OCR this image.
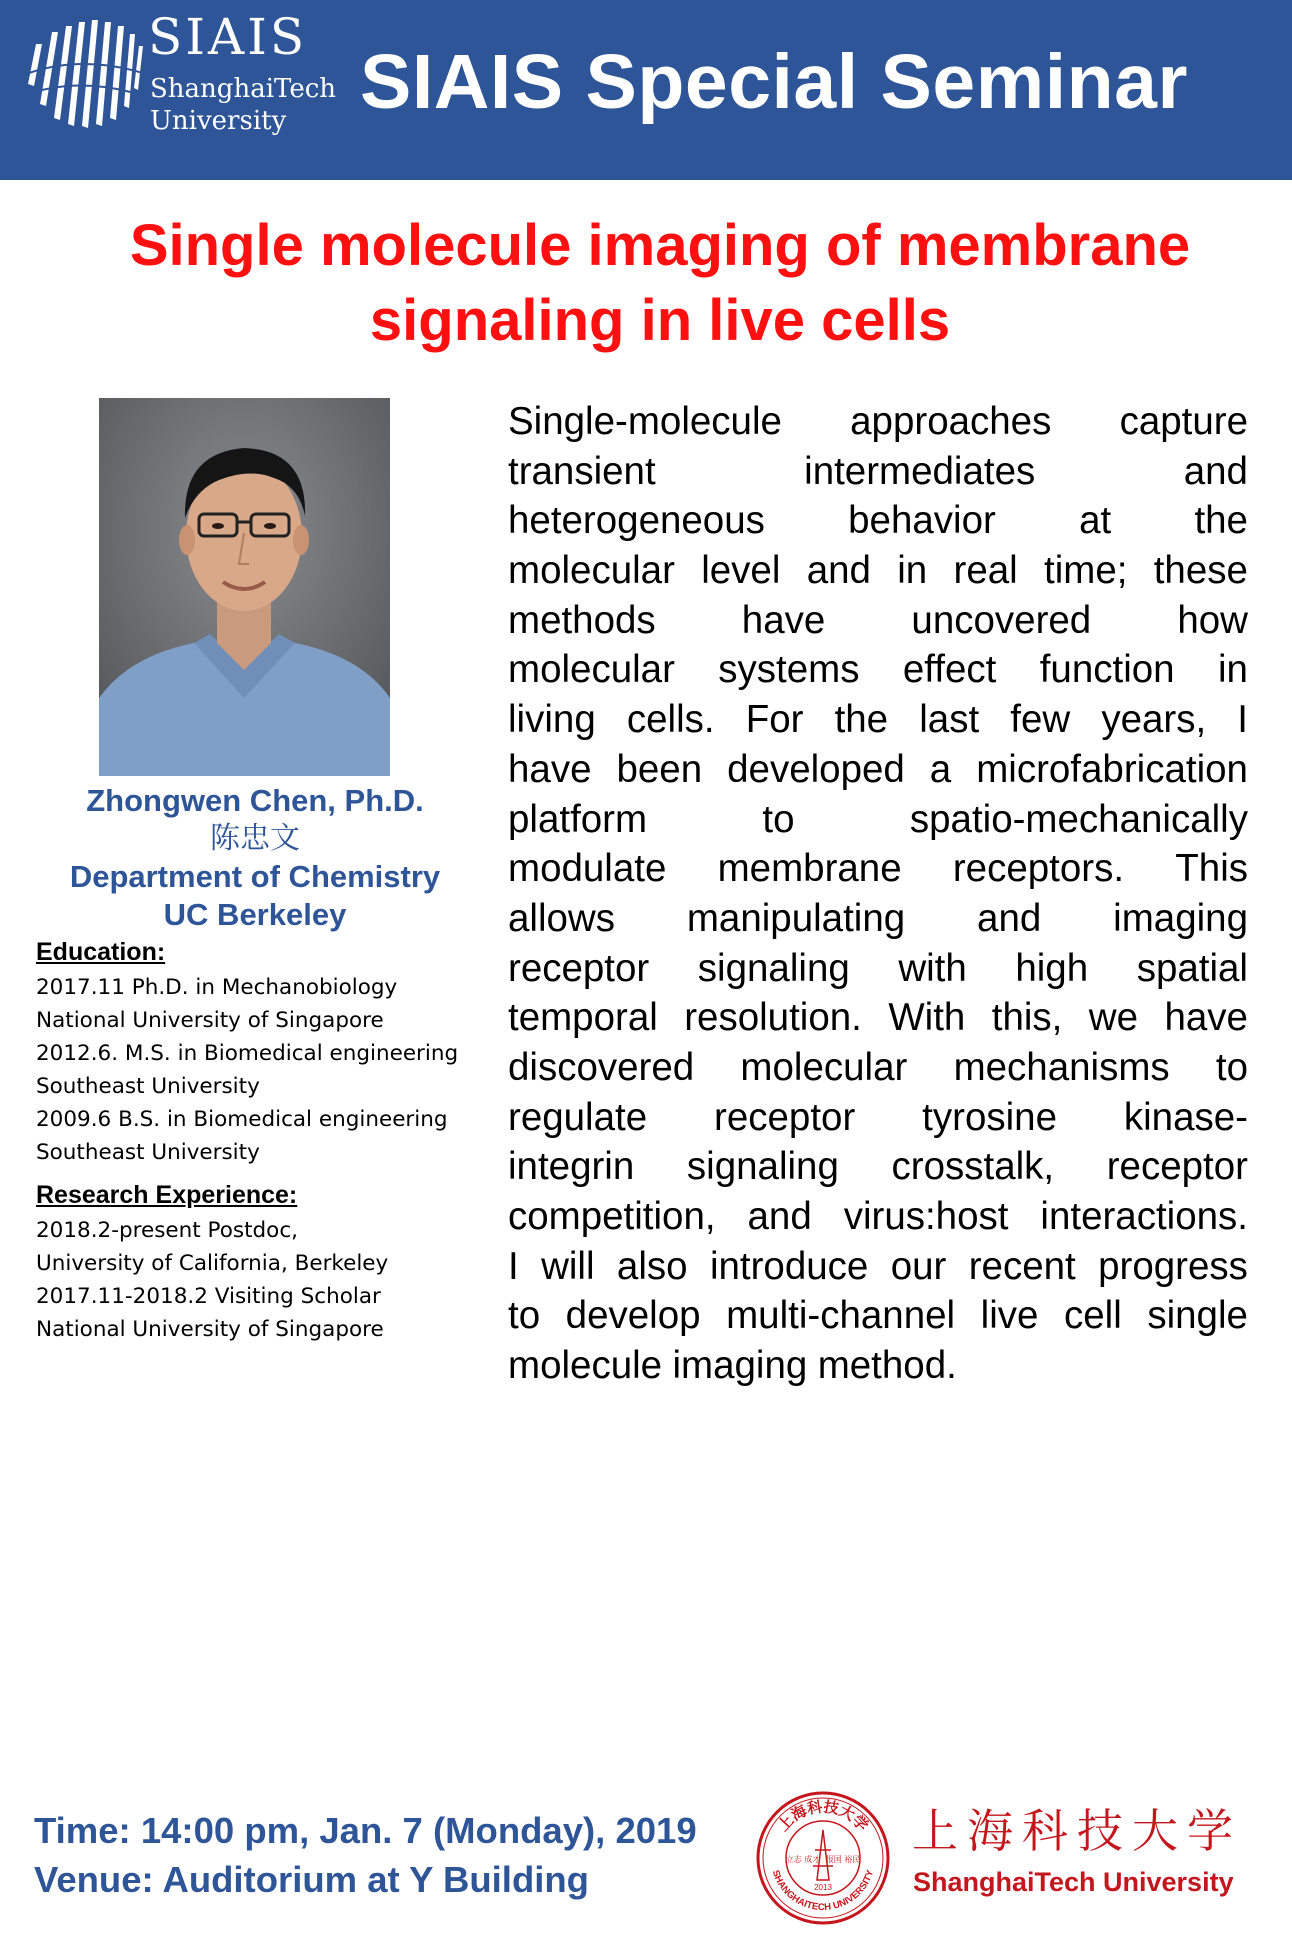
SIAIS
ShanghaiTech
University SIAIS Special Seminar
Single molecule imaging of membrane
signaling in live cells
Zhongwen Chen, Ph.D.
陈忠文
Department of Chemistry
UC Berkeley
Education:
2017.11 Ph.D. in Mechanobiology
National University of Singapore
2012.6. M.S. in Biomedical engineering
Southeast University
2009.6 B.S. in Biomedical engineering
Southeast University
Research Experience:
2018.2-present Postdoc,
University of California, Berkeley
2017.11-2018.2 Visiting Scholar
National University of Singapore
Single-molecule approaches capture
transient	intermediates	and
heterogeneous behavior at the
molecular level and in real time; these
methods have uncovered how
molecular systems effect function in
living cells. For the last few years, I
have been developed a microfabrication
platform	to	spatio-mechanically
modulate membrane receptors. This
allows manipulating and imaging
receptor signaling with high spatial
temporal resolution. With this, we have
discovered molecular mechanisms to
regulate receptor tyrosine kinase-
integrin signaling crosstalk, receptor
competition, and virus:host interactions.
I will also introduce our recent progress
to develop multi-channel live cell single
molecule imaging method.
Time: 14:00 pm, Jan. 7 (Monday), 2019
Venue: Auditorium at Y Building
上海科技大学
SHANGHAITECH UNIVERSITY
立志 成才 报国 裕民
2013
上海科技大学
ShanghaiTech University
